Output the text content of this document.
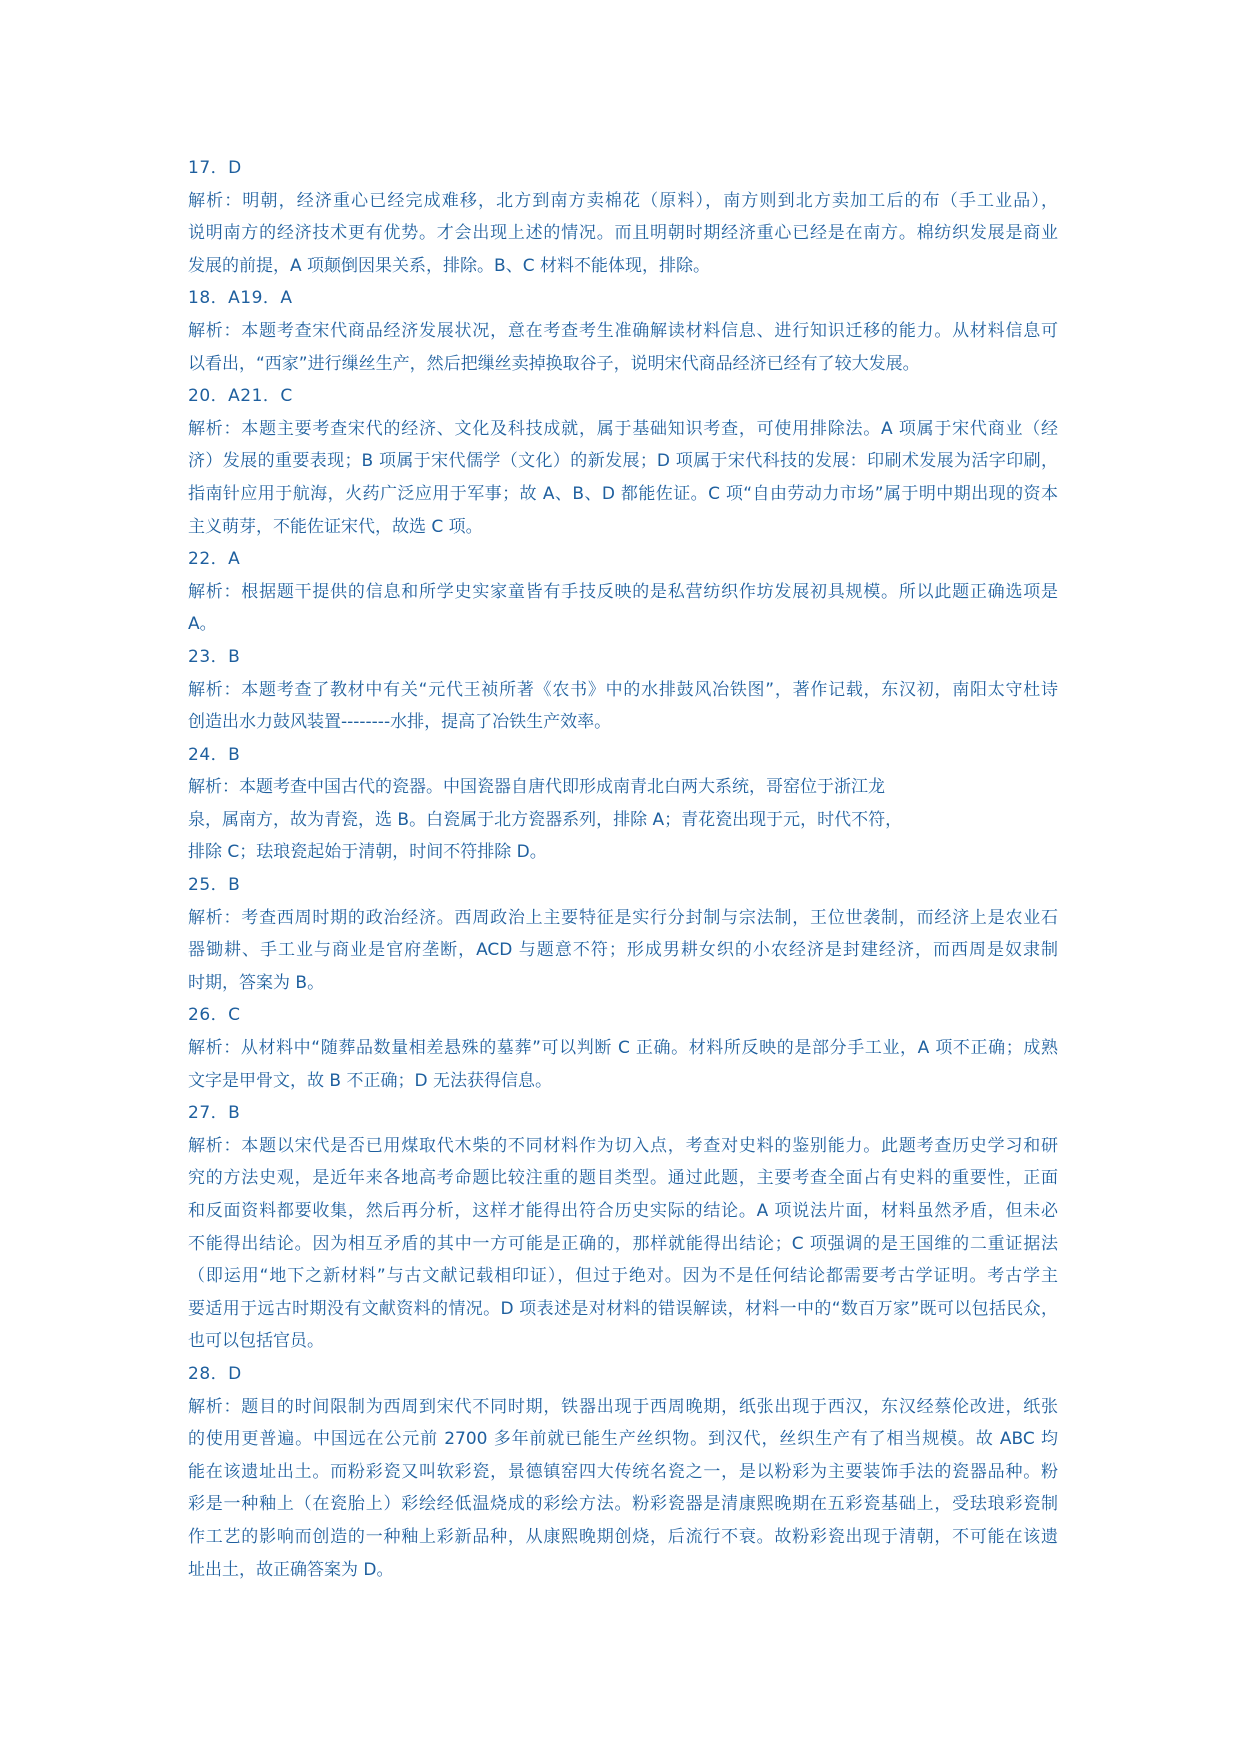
17．D
解析：明朝，经济重心已经完成难移，北方到南方卖棉花（原料），南方则到北方卖加工后的布（手工业品），
说明南方的经济技术更有优势。才会出现上述的情况。而且明朝时期经济重心已经是在南方。棉纺织发展是商业
发展的前提，A 项颠倒因果关系，排除。B、C 材料不能体现，排除。
18．A19．A
解析：本题考查宋代商品经济发展状况，意在考查考生准确解读材料信息、进行知识迁移的能力。从材料信息可
以看出，“西家”进行缫丝生产，然后把缫丝卖掉换取谷子，说明宋代商品经济已经有了较大发展。
20．A21．C
解析：本题主要考查宋代的经济、文化及科技成就，属于基础知识考查，可使用排除法。A 项属于宋代商业（经
济）发展的重要表现；B 项属于宋代儒学（文化）的新发展；D 项属于宋代科技的发展：印刷术发展为活字印刷，
指南针应用于航海，火药广泛应用于军事；故 A、B、D 都能佐证。C 项“自由劳动力市场”属于明中期出现的资本
主义萌芽，不能佐证宋代，故选 C 项。
22．A
解析：根据题干提供的信息和所学史实家童皆有手技反映的是私营纺织作坊发展初具规模。所以此题正确选项是
A。
23．B
解析：本题考查了教材中有关“元代王祯所著《农书》中的水排鼓风冶铁图”，著作记载，东汉初，南阳太守杜诗
创造出水力鼓风装置--------水排，提高了冶铁生产效率。
24．B
解析：本题考查中国古代的瓷器。中国瓷器自唐代即形成南青北白两大系统，哥窑位于浙江龙
泉，属南方，故为青瓷，选 B。白瓷属于北方瓷器系列，排除 A；青花瓷出现于元，时代不符，
排除 C；珐琅瓷起始于清朝，时间不符排除 D。
25．B
解析：考查西周时期的政治经济。西周政治上主要特征是实行分封制与宗法制，王位世袭制，而经济上是农业石
器锄耕、手工业与商业是官府垄断，ACD 与题意不符；形成男耕女织的小农经济是封建经济，而西周是奴隶制
时期，答案为 B。
26．C
解析：从材料中“随葬品数量相差悬殊的墓葬”可以判断 C 正确。材料所反映的是部分手工业，A 项不正确；成熟
文字是甲骨文，故 B 不正确；D 无法获得信息。
27．B
解析：本题以宋代是否已用煤取代木柴的不同材料作为切入点，考查对史料的鉴别能力。此题考查历史学习和研
究的方法史观，是近年来各地高考命题比较注重的题目类型。通过此题，主要考查全面占有史料的重要性，正面
和反面资料都要收集，然后再分析，这样才能得出符合历史实际的结论。A 项说法片面，材料虽然矛盾，但未必
不能得出结论。因为相互矛盾的其中一方可能是正确的，那样就能得出结论；C 项强调的是王国维的二重证据法
（即运用“地下之新材料”与古文献记载相印证），但过于绝对。因为不是任何结论都需要考古学证明。考古学主
要适用于远古时期没有文献资料的情况。D 项表述是对材料的错误解读，材料一中的“数百万家”既可以包括民众，
也可以包括官员。
28．D
解析：题目的时间限制为西周到宋代不同时期，铁器出现于西周晚期，纸张出现于西汉，东汉经蔡伦改进，纸张
的使用更普遍。中国远在公元前 2700 多年前就已能生产丝织物。到汉代，丝织生产有了相当规模。故 ABC 均
能在该遗址出土。而粉彩瓷又叫软彩瓷，景德镇窑四大传统名瓷之一，是以粉彩为主要装饰手法的瓷器品种。粉
彩是一种釉上（在瓷胎上）彩绘经低温烧成的彩绘方法。粉彩瓷器是清康熙晚期在五彩瓷基础上，受珐琅彩瓷制
作工艺的影响而创造的一种釉上彩新品种，从康熙晚期创烧，后流行不衰。故粉彩瓷出现于清朝，不可能在该遗
址出土，故正确答案为 D。
